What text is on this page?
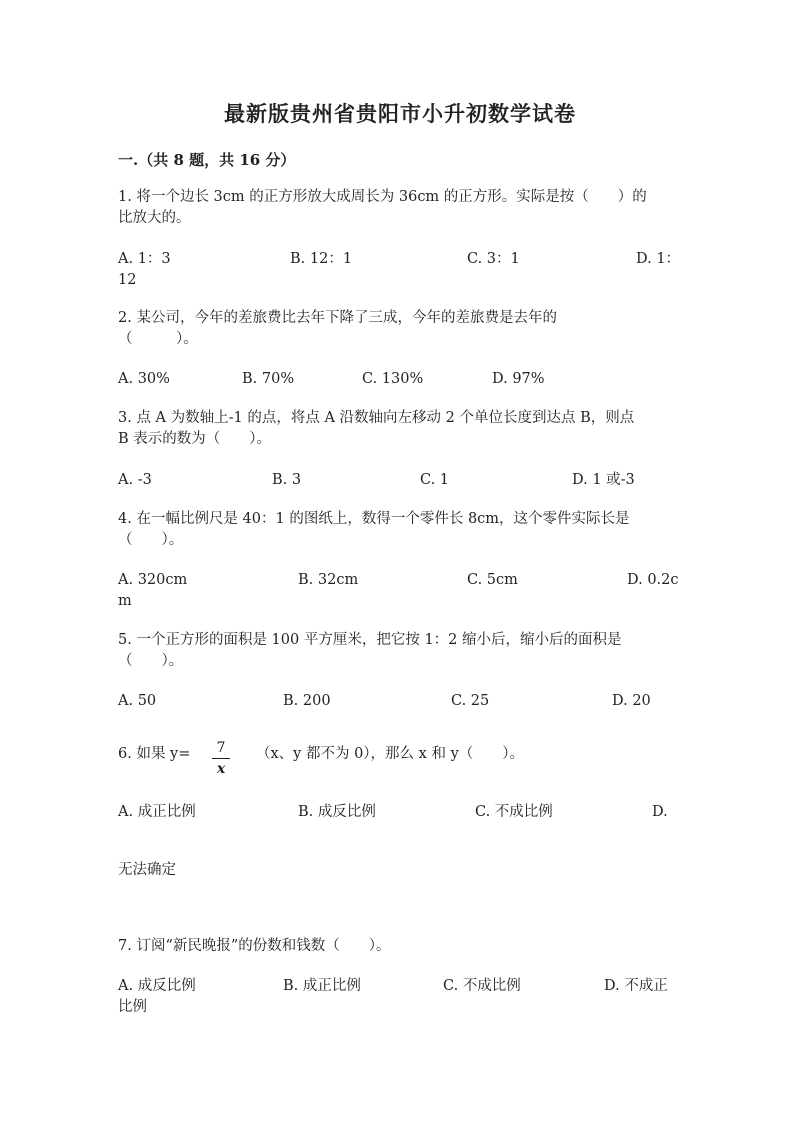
最新版贵州省贵阳市小升初数学试卷
一.（共 8 题，共 16 分）
1. 将一个边长 3cm 的正方形放大成周长为 36cm 的正方形。实际是按（　　）的
比放大的。
A. 1：3	B. 12：1	C. 3：1	D. 1：
12
2. 某公司，今年的差旅费比去年下降了三成，今年的差旅费是去年的
（　　　）。
A. 30%	B. 70%	C. 130%	D. 97%
3. 点 A 为数轴上-1 的点，将点 A 沿数轴向左移动 2 个单位长度到达点 B，则点
B 表示的数为（　　）。
A. -3	B. 3	C. 1	D. 1 或-3
4. 在一幅比例尺是 40：1 的图纸上，数得一个零件长 8cm，这个零件实际长是
（　　）。
A. 320cm	B. 32cm	C. 5cm	D. 0.2c
m
5. 一个正方形的面积是 100 平方厘米，把它按 1：2 缩小后，缩小后的面积是
（　　）。
A. 50	B. 200	C. 25	D. 20
6. 如果 y=	7
x
（x、y 都不为 0），那么 x 和 y（　　）。
A. 成正比例	B. 成反比例	C. 不成比例	D.
无法确定
7. 订阅“新民晚报”的份数和钱数（　　）。
A. 成反比例	B. 成正比例	C. 不成比例	D. 不成正
比例
